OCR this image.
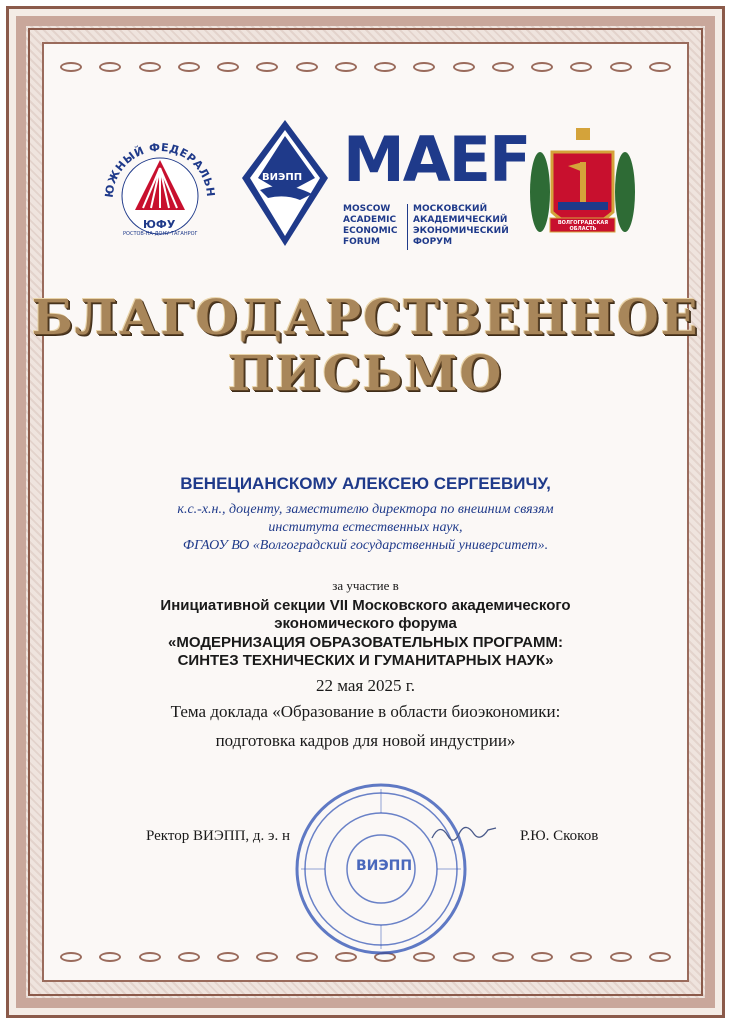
ЮЖНЫЙ ФЕДЕРАЛЬН
ЮФУ
РОСТОВ-НА-ДОНУ·ТАГАНРОГ
ВИЭПП MAEF
MOSCOW
ACADEMIC
ECONOMIC
FORUM
МОСКОВСКИЙ
АКАДЕМИЧЕСКИЙ
ЭКОНОМИЧЕСКИЙ
ФОРУМ
ВОЛГОГРАДСКАЯ ОБЛАСТЬ
БЛАГОДАРСТВЕННОЕ
ПИСЬМО
ВЕНЕЦИАНСКОМУ АЛЕКСЕЮ СЕРГЕЕВИЧУ,
к.с.-х.н., доценту, заместителю директора по внешним связям
института естественных наук,
ФГАОУ ВО «Волгоградский государственный университет».
за участие в
Инициативной секции VII Московского академического
экономического форума
«МОДЕРНИЗАЦИЯ ОБРАЗОВАТЕЛЬНЫХ ПРОГРАММ:
СИНТЕЗ ТЕХНИЧЕСКИХ И ГУМАНИТАРНЫХ НАУК»
22 мая 2025 г.
Тема доклада «Образование в области биоэкономики:
подготовка кадров для новой индустрии»
ВИЭПП
Ректор ВИЭПП, д. э. н	Р.Ю. Скоков
